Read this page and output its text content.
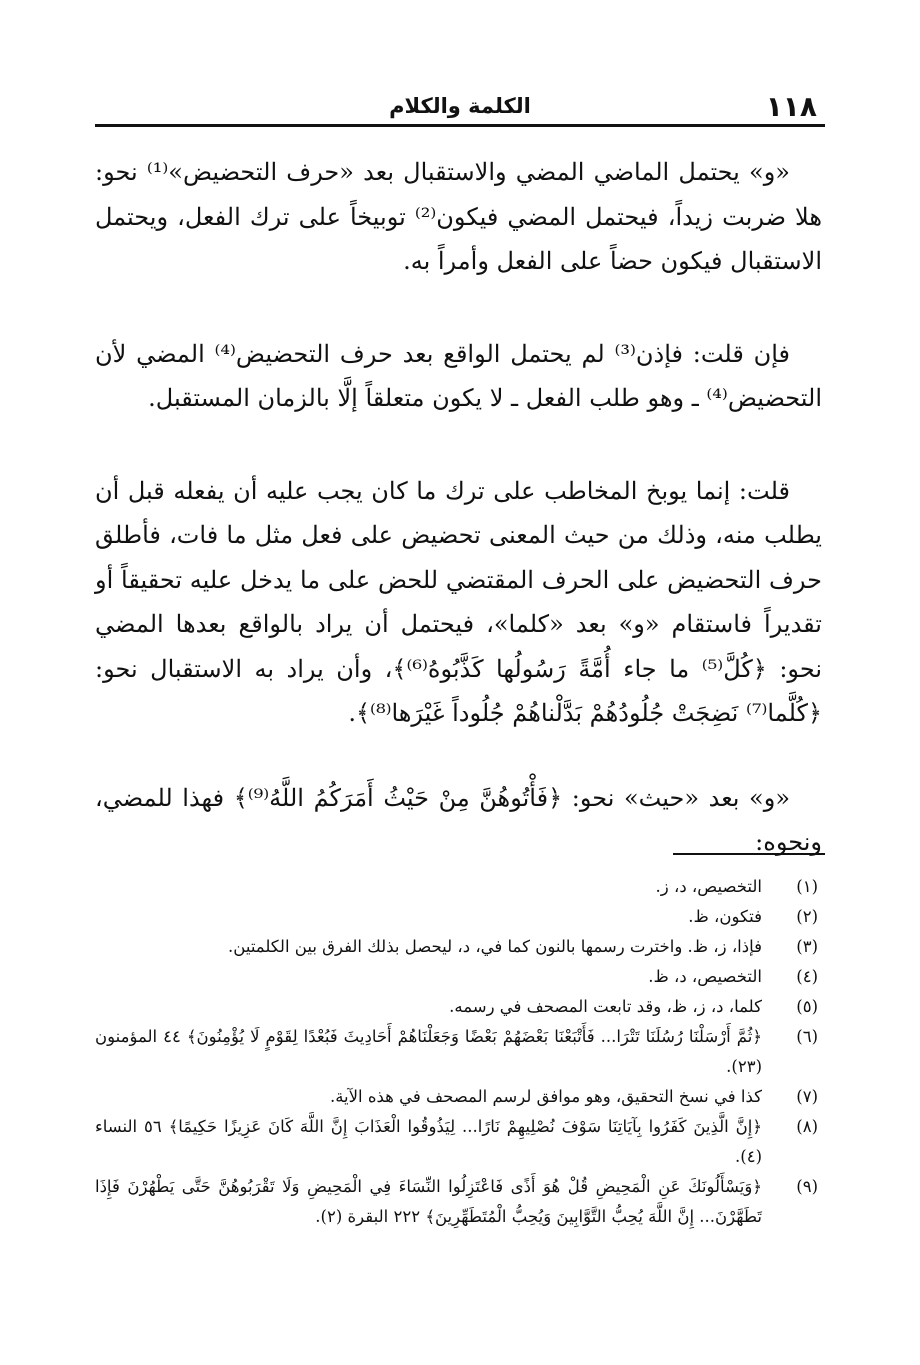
١١٨
الكلمة والكلام

«و» يحتمل الماضي المضي والاستقبال بعد «حرف التحضيض»⁽¹⁾ نحو: هلا ضربت زيداً، فيحتمل المضي فيكون⁽²⁾ توبيخاً على ترك الفعل، ويحتمل الاستقبال فيكون حضاً على الفعل وأمراً به.

فإن قلت: فإذن⁽³⁾ لم يحتمل الواقع بعد حرف التحضيض⁽⁴⁾ المضي لأن التحضيض⁽⁴⁾ ـ وهو طلب الفعل ـ لا يكون متعلقاً إلَّا بالزمان المستقبل.

قلت: إنما يوبخ المخاطب على ترك ما كان يجب عليه أن يفعله قبل أن يطلب منه، وذلك من حيث المعنى تحضيض على فعل مثل ما فات، فأطلق حرف التحضيض على الحرف المقتضي للحض على ما يدخل عليه تحقيقاً أو تقديراً فاستقام «و» بعد «كلما»، فيحتمل أن يراد بالواقع بعدها المضي نحو: ﴿كُلَّ⁽⁵⁾ ما جاء أُمَّةً رَسُولُها كَذَّبُوهُ⁽⁶⁾﴾، وأن يراد به الاستقبال نحو: ﴿كُلَّما⁽⁷⁾ نَضِجَتْ جُلُودُهُمْ بَدَّلْناهُمْ جُلُوداً غَيْرَها⁽⁸⁾﴾.

«و» بعد «حيث» نحو: ﴿فَأْتُوهُنَّ مِنْ حَيْثُ أَمَرَكُمُ اللَّهُ⁽⁹⁾﴾ فهذا للمضي، ونحوه:

(١)
التخصيص، د، ز.
(٢)
فتكون، ظ.
(٣)
فإذا، ز، ظ. واخترت رسمها بالنون كما في، د، ليحصل بذلك الفرق بين الكلمتين.
(٤)
التخصيص، د، ظ.
(٥)
كلما، د، ز، ظ، وقد تابعت المصحف في رسمه.
(٦)
﴿ثُمَّ أَرْسَلْنَا رُسُلَنَا تَتْرَا... فَأَتْبَعْنَا بَعْضَهُمْ بَعْضًا وَجَعَلْنَاهُمْ أَحَادِيثَ فَبُعْدًا لِقَوْمٍ لَا يُؤْمِنُونَ﴾ ٤٤ المؤمنون (٢٣).
(٧)
كذا في نسخ التحقيق، وهو موافق لرسم المصحف في هذه الآية.
(٨)
﴿إِنَّ الَّذِينَ كَفَرُوا بِآيَاتِنَا سَوْفَ نُصْلِيهِمْ نَارًا... لِيَذُوقُوا الْعَذَابَ إِنَّ اللَّهَ كَانَ عَزِيزًا حَكِيمًا﴾ ٥٦ النساء (٤).
(٩)
﴿وَيَسْأَلُونَكَ عَنِ الْمَحِيضِ قُلْ هُوَ أَذًى فَاعْتَزِلُوا النِّسَاءَ فِي الْمَحِيضِ وَلَا تَقْرَبُوهُنَّ حَتَّى يَطْهُرْنَ فَإِذَا تَطَهَّرْنَ... إِنَّ اللَّهَ يُحِبُّ التَّوَّابِينَ وَيُحِبُّ الْمُتَطَهِّرِينَ﴾ ٢٢٢ البقرة (٢).
